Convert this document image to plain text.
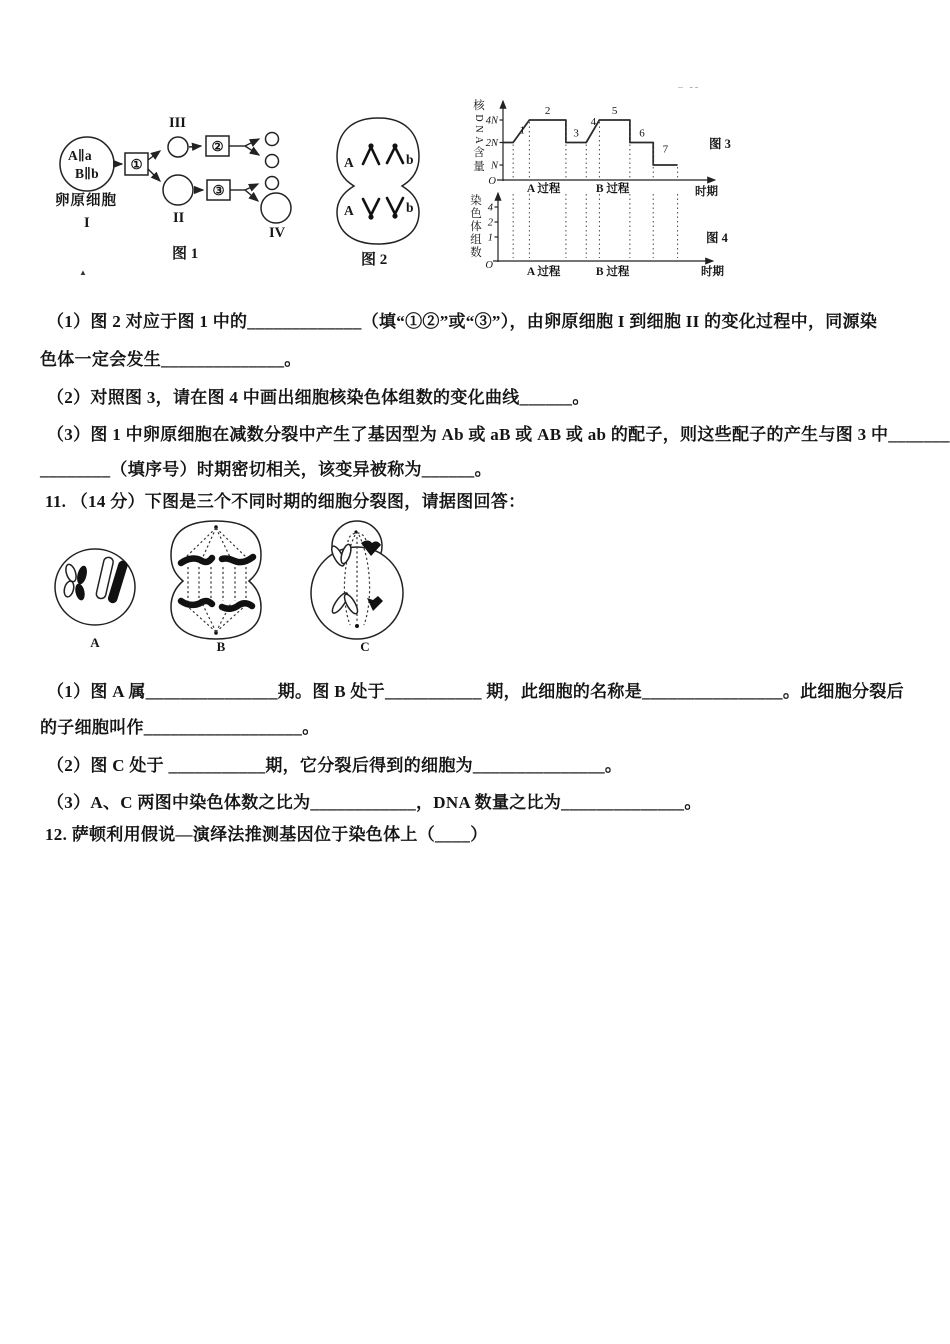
A∥a
B∥b
卵原细胞
I
①
III
②
II
③
IV
图 1
A	b
A	b
图 2
4N
2N
N
O
核
D
N
A
含
量
1
2
3
4
5
6
7
A 过程	B 过程	时期
图 3
4
2
1
O
染
色
体
组
数
A 过程	B 过程	时期
图 4
– --
▲
（1）图 2 对应于图 1 中的_____________（填“①②”或“③”），由卵原细胞 I 到细胞 II 的变化过程中，同源染
色体一定会发生______________。
（2）对照图 3，请在图 4 中画出细胞核染色体组数的变化曲线______。
（3）图 1 中卵原细胞在减数分裂中产生了基因型为 Ab 或 aB 或 AB 或 ab 的配子，则这些配子的产生与图 3 中_______
________（填序号）时期密切相关，该变异被称为______。
11. （14 分）下图是三个不同时期的细胞分裂图，请据图回答：
A	B	C
（1）图 A 属_______________期。图 B 处于___________ 期，此细胞的名称是________________。此细胞分裂后
的子细胞叫作__________________。
（2）图 C 处于 ___________期，它分裂后得到的细胞为_______________。
（3）A、C 两图中染色体数之比为____________，DNA 数量之比为______________。
12. 萨顿利用假说—演绎法推测基因位于染色体上（____）
